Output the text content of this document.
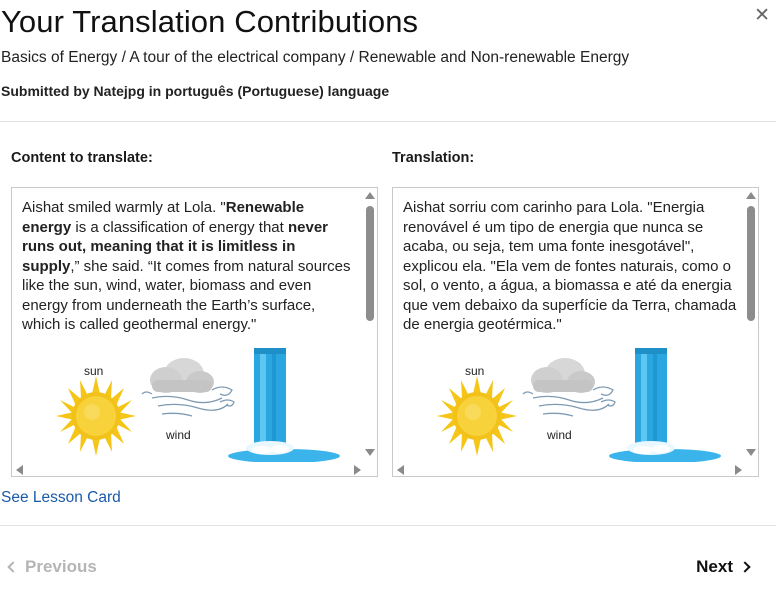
Your Translation Contributions	✕
Basics of Energy / A tour of the electrical company / Renewable and Non-renewable Energy
Submitted by Natejpg in português (Portuguese) language
Content to translate:	Translation:
Aishat smiled warmly at Lola. "Renewable energy is a classification of energy that never runs out, meaning that it is limitless in supply,” she said. “It comes from natural sources like the sun, wind, water, biomass and even energy from underneath the Earth’s surface, which is called geothermal energy."
sun
wind
Aishat sorriu com carinho para Lola. "Energia renovável é um tipo de energia que nunca se acaba, ou seja, tem uma fonte inesgotável", explicou ela. "Ela vem de fontes naturais, como o sol, o vento, a água, a biomassa e até da energia que vem debaixo da superfície da Terra, chamada de energia geotérmica."
sun
wind
See Lesson Card
Previous	Next
